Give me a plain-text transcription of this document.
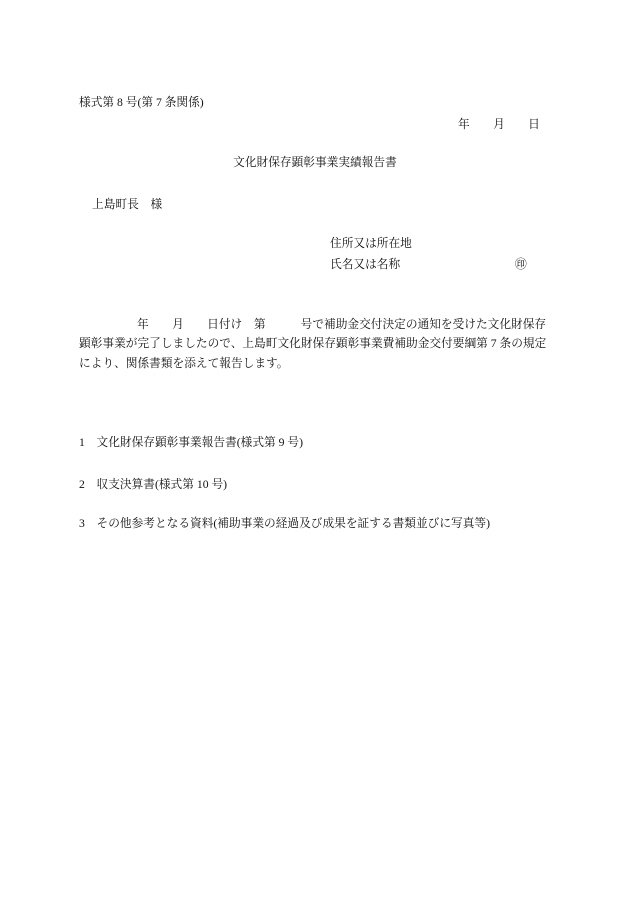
様式第 8 号(第 7 条関係)
年　　月　　日
文化財保存顕彰事業実績報告書
上島町長　様
住所又は所在地
氏名又は名称	㊞
年　　月　　日付け　第　　　号で補助金交付決定の通知を受けた文化財保存
顕彰事業が完了しましたので、上島町文化財保存顕彰事業費補助金交付要綱第 7 条の規定
により、関係書類を添えて報告します。
1　文化財保存顕彰事業報告書(様式第 9 号)
2　収支決算書(様式第 10 号)
3　その他参考となる資料(補助事業の経過及び成果を証する書類並びに写真等)
